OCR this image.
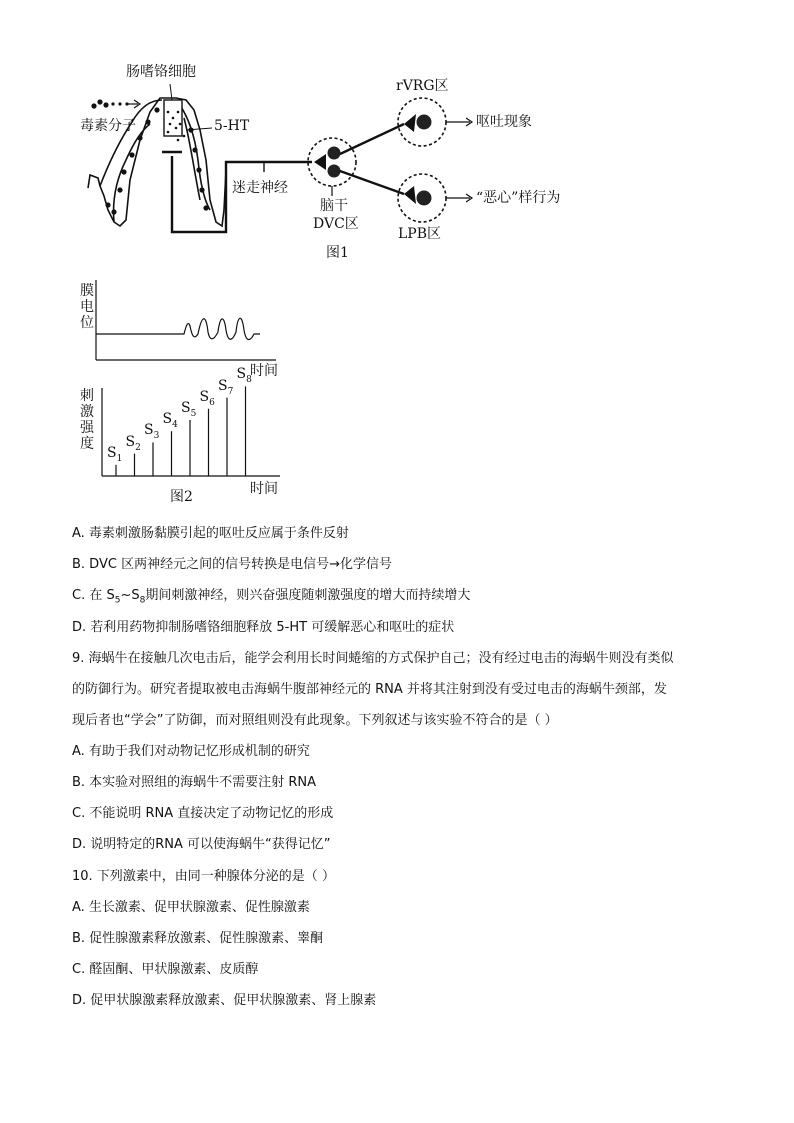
肠嗜铬细胞
毒素分子	5-HT
迷走神经
脑干
DVC区
rVRG区
LPB区
呕吐现象
“恶心”样行为
图1
膜
电
位
时间
刺
激
强
度
$S_1$
$S_2$
$S_3$
$S_4$
$S_5$
$S_6$
$S_7$
$S_8$
时间
图2
A. 毒素刺激肠黏膜引起的呕吐反应属于条件反射
B. DVC 区两神经元之间的信号转换是电信号→化学信号
C. 在 $S_5\sim S_8$期间刺激神经，则兴奋强度随刺激强度的增大而持续增大
D. 若利用药物抑制肠嗜铬细胞释放 5-HT 可缓解恶心和呕吐的症状
9. 海蜗牛在接触几次电击后，能学会利用长时间蜷缩的方式保护自己；没有经过电击的海蜗牛则没有类似
的防御行为。研究者提取被电击海蜗牛腹部神经元的 RNA 并将其注射到没有受过电击的海蜗牛颈部，发
现后者也“学会”了防御，而对照组则没有此现象。下列叙述与该实验不符合的是（ ）
A. 有助于我们对动物记忆形成机制的研究
B. 本实验对照组的海蜗牛不需要注射 RNA
C. 不能说明 RNA 直接决定了动物记忆的形成
D. 说明特定的RNA 可以使海蜗牛“获得记忆”
10. 下列激素中，由同一种腺体分泌的是（ ）
A. 生长激素、促甲状腺激素、促性腺激素
B. 促性腺激素释放激素、促性腺激素、睾酮
C. 醛固酮、甲状腺激素、皮质醇
D. 促甲状腺激素释放激素、促甲状腺激素、肾上腺素
